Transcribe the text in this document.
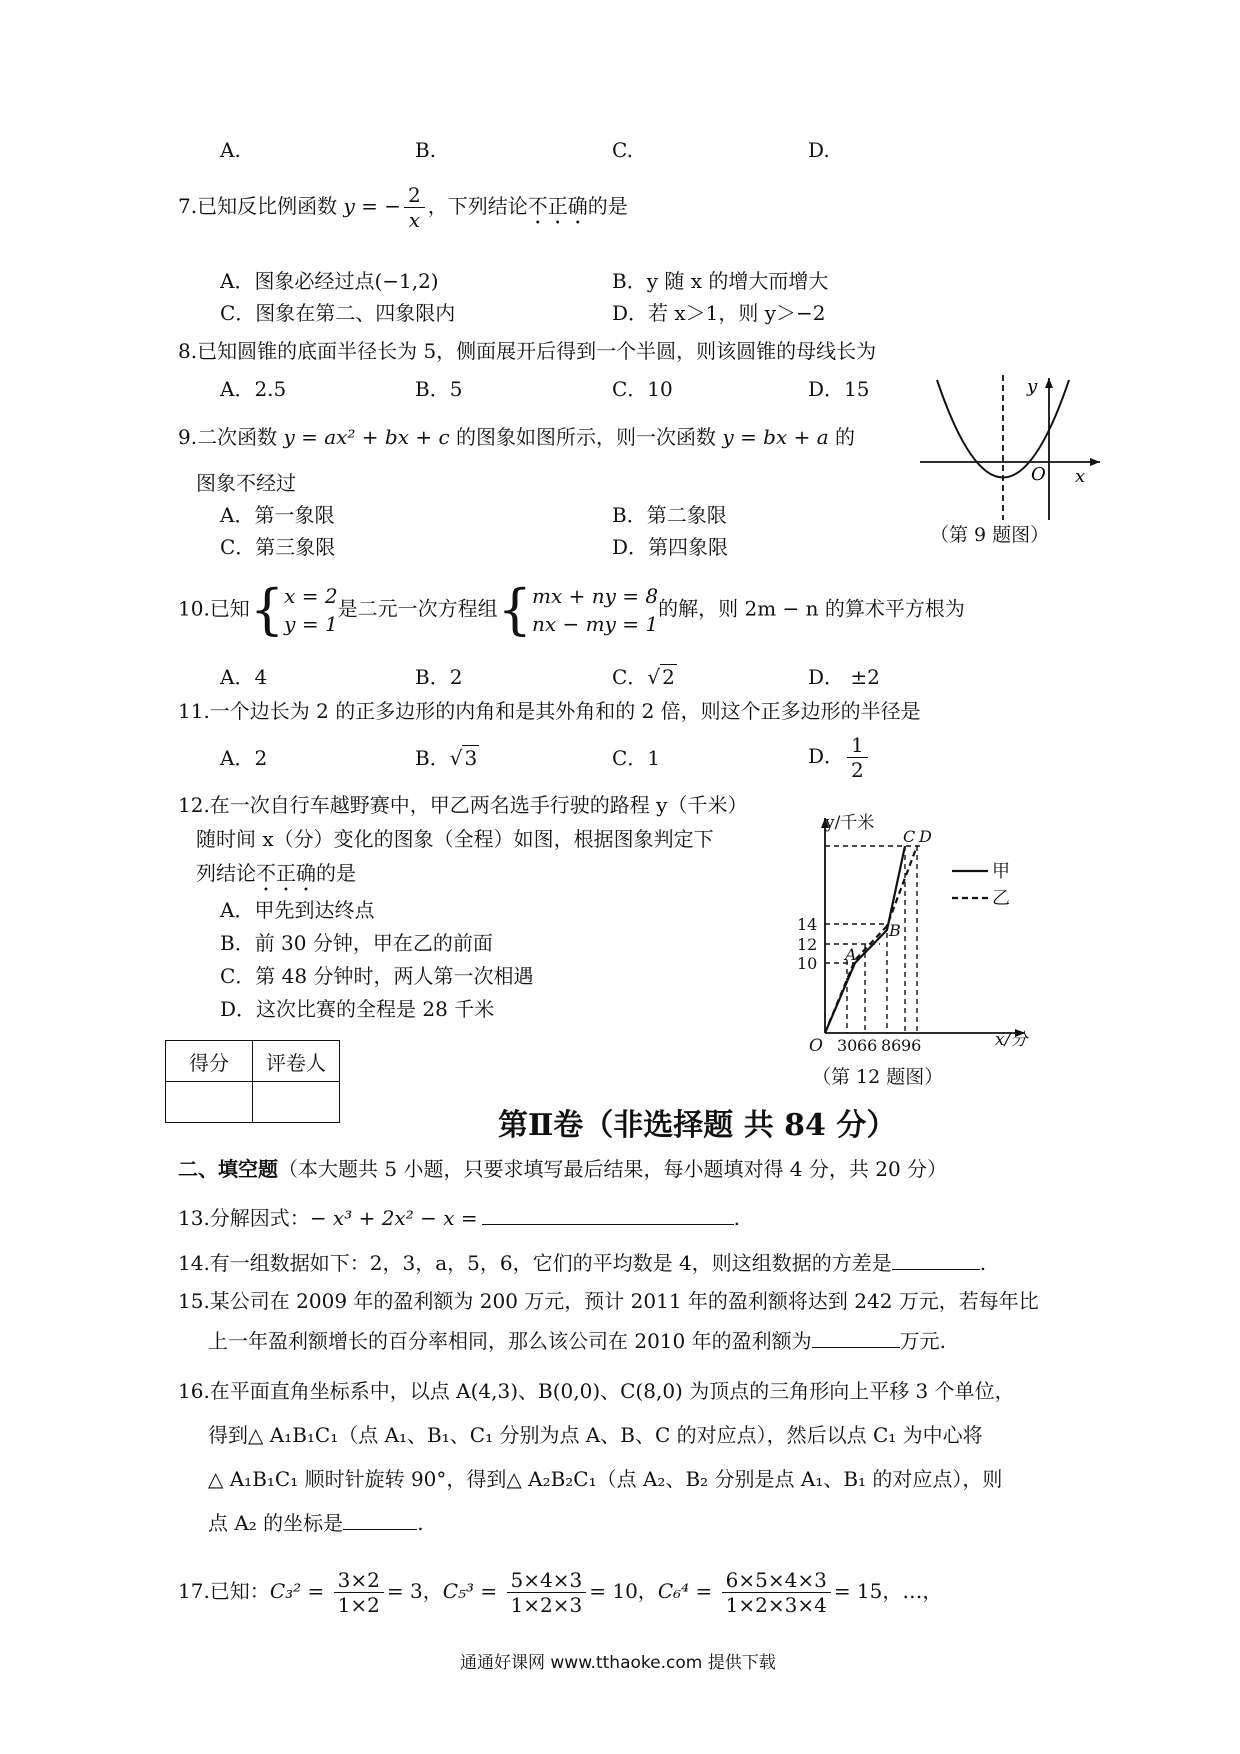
A.	B.	C.	D.
7.已知反比例函数 y = − $\frac{2}{x}$ ，下列结论不正确的是
A．图象必经过点(−1,2)	B．y 随 x 的增大而增大
C．图象在第二、四象限内	D．若 x＞1，则 y＞−2
8.已知圆锥的底面半径长为 5，侧面展开后得到一个半圆，则该圆锥的母线长为
A．2.5	B．5	C．10	D．15
9.二次函数 y = ax² + bx + c 的图象如图所示，则一次函数 y = bx + a 的
图象不经过
A．第一象限	B．第二象限
C．第三象限	D．第四象限
O
y
x
（第 9 题图）
10.已知{ x = 2
y = 1
是二元一次方程组{ mx + ny = 8
nx − my = 1
的解，则 2m − n 的算术平方根为
A．4	B．2	C．√ 2	D． ±2
11.一个边长为 2 的正多边形的内角和是其外角和的 2 倍，则这个正多边形的半径是
A．2	B．√ 3	C．1	D． $\frac{1}{2}$
12.在一次自行车越野赛中，甲乙两名选手行驶的路程 y（千米）
随时间 x（分）变化的图象（全程）如图，根据图象判定下
列结论不正确的是
A．甲先到达终点
B．前 30 分钟，甲在乙的前面
C．第 48 分钟时，两人第一次相遇
D．这次比赛的全程是 28 千米
y/千米
x/分
O
14
12
10
30 66 86 96
A
B
C D
甲
乙
（第 12 题图）
得分	评卷人

第Ⅱ卷（非选择题 共 84 分）
二、填空题（本大题共 5 小题，只要求填写最后结果，每小题填对得 4 分，共 20 分）
13.分解因式：− x³ + 2x² − x =	.
14.有一组数据如下：2，3，a，5，6，它们的平均数是 4，则这组数据的方差是	.
15.某公司在 2009 年的盈利额为 200 万元，预计 2011 年的盈利额将达到 242 万元，若每年比
上一年盈利额增长的百分率相同，那么该公司在 2010 年的盈利额为	万元.
16.在平面直角坐标系中，以点 A(4,3)、B(0,0)、C(8,0) 为顶点的三角形向上平移 3 个单位，
得到△ A₁B₁C₁（点 A₁、B₁、C₁ 分别为点 A、B、C 的对应点），然后以点 C₁ 为中心将
△ A₁B₁C₁ 顺时针旋转 90°，得到△ A₂B₂C₁（点 A₂、B₂ 分别是点 A₁、B₁ 的对应点），则
点 A₂ 的坐标是	.
17.已知：$C_3^2 = \frac{3\times 2}{1\times 2} = 3$，$C_5^3 = \frac{5\times 4\times 3}{1\times 2\times 3} = 10$，$C_6^4 = \frac{6\times 5\times 4\times 3}{1\times 2\times 3\times 4} = 15$，…，
通通好课网 www.tthaoke.com 提供下载
